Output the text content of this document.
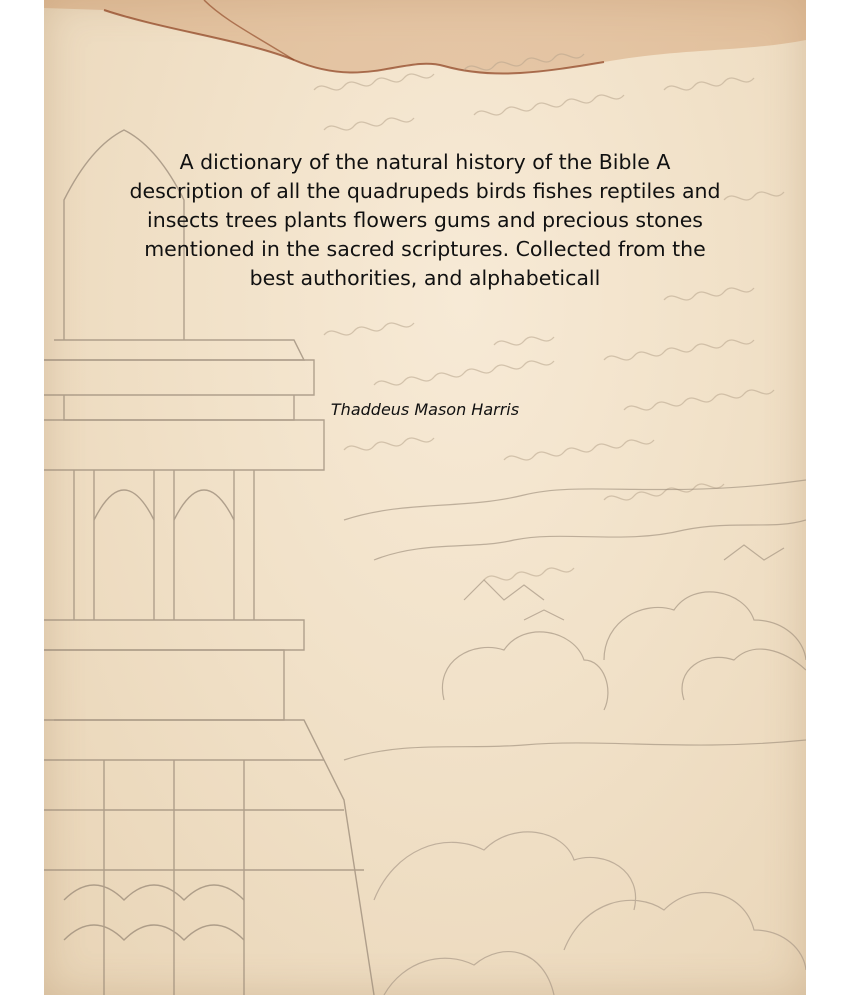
A dictionary of the natural history of the Bible A description of all the quadrupeds birds fishes reptiles and insects trees plants flowers gums and precious stones mentioned in the sacred scriptures. Collected from the best authorities, and alphabeticall

Thaddeus Mason Harris
